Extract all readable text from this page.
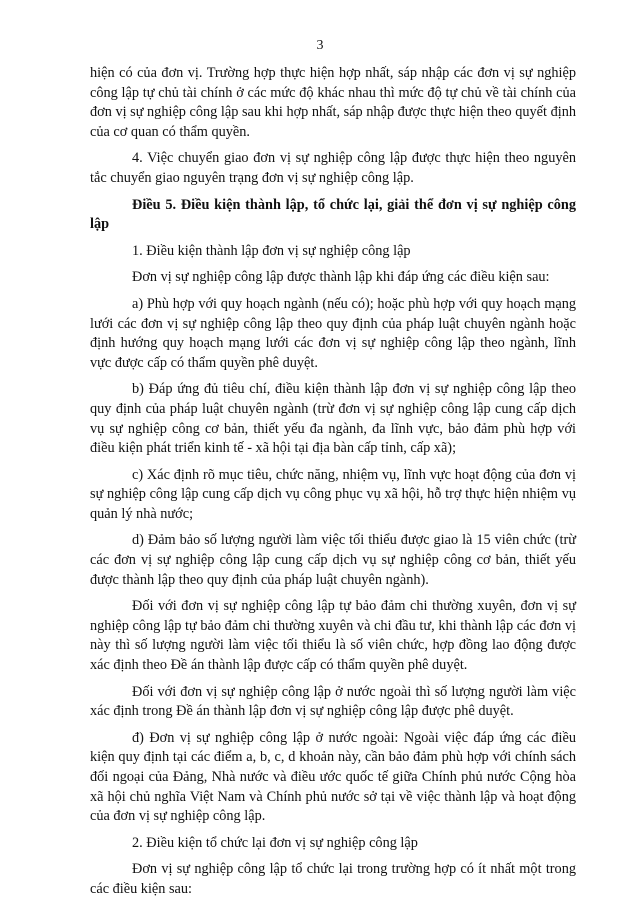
3

hiện có của đơn vị. Trường hợp thực hiện hợp nhất, sáp nhập các đơn vị sự nghiệp công lập tự chủ tài chính ở các mức độ khác nhau thì mức độ tự chủ về tài chính của đơn vị sự nghiệp công lập sau khi hợp nhất, sáp nhập được thực hiện theo quyết định của cơ quan có thẩm quyền.

4. Việc chuyển giao đơn vị sự nghiệp công lập được thực hiện theo nguyên tắc chuyển giao nguyên trạng đơn vị sự nghiệp công lập.

Điều 5. Điều kiện thành lập, tổ chức lại, giải thể đơn vị sự nghiệp công lập

1. Điều kiện thành lập đơn vị sự nghiệp công lập

Đơn vị sự nghiệp công lập được thành lập khi đáp ứng các điều kiện sau:

a) Phù hợp với quy hoạch ngành (nếu có); hoặc phù hợp với quy hoạch mạng lưới các đơn vị sự nghiệp công lập theo quy định của pháp luật chuyên ngành hoặc định hướng quy hoạch mạng lưới các đơn vị sự nghiệp công lập theo ngành, lĩnh vực được cấp có thẩm quyền phê duyệt.

b) Đáp ứng đủ tiêu chí, điều kiện thành lập đơn vị sự nghiệp công lập theo quy định của pháp luật chuyên ngành (trừ đơn vị sự nghiệp công lập cung cấp dịch vụ sự nghiệp công cơ bản, thiết yếu đa ngành, đa lĩnh vực, bảo đảm phù hợp với điều kiện phát triển kinh tế - xã hội tại địa bàn cấp tỉnh, cấp xã);

c) Xác định rõ mục tiêu, chức năng, nhiệm vụ, lĩnh vực hoạt động của đơn vị sự nghiệp công lập cung cấp dịch vụ công phục vụ xã hội, hỗ trợ thực hiện nhiệm vụ quản lý nhà nước;

d) Đảm bảo số lượng người làm việc tối thiểu được giao là 15 viên chức (trừ các đơn vị sự nghiệp công lập cung cấp dịch vụ sự nghiệp công cơ bản, thiết yếu được thành lập theo quy định của pháp luật chuyên ngành).

Đối với đơn vị sự nghiệp công lập tự bảo đảm chi thường xuyên, đơn vị sự nghiệp công lập tự bảo đảm chi thường xuyên và chi đầu tư, khi thành lập các đơn vị này thì số lượng người làm việc tối thiểu là số viên chức, hợp đồng lao động được xác định theo Đề án thành lập được cấp có thẩm quyền phê duyệt.

Đối với đơn vị sự nghiệp công lập ở nước ngoài thì số lượng người làm việc xác định trong Đề án thành lập đơn vị sự nghiệp công lập được phê duyệt.

đ) Đơn vị sự nghiệp công lập ở nước ngoài: Ngoài việc đáp ứng các điều kiện quy định tại các điểm a, b, c, d khoản này, cần bảo đảm phù hợp với chính sách đối ngoại của Đảng, Nhà nước và điều ước quốc tế giữa Chính phủ nước Cộng hòa xã hội chủ nghĩa Việt Nam và Chính phủ nước sở tại về việc thành lập và hoạt động của đơn vị sự nghiệp công lập.

2. Điều kiện tổ chức lại đơn vị sự nghiệp công lập

Đơn vị sự nghiệp công lập tổ chức lại trong trường hợp có ít nhất một trong các điều kiện sau:
